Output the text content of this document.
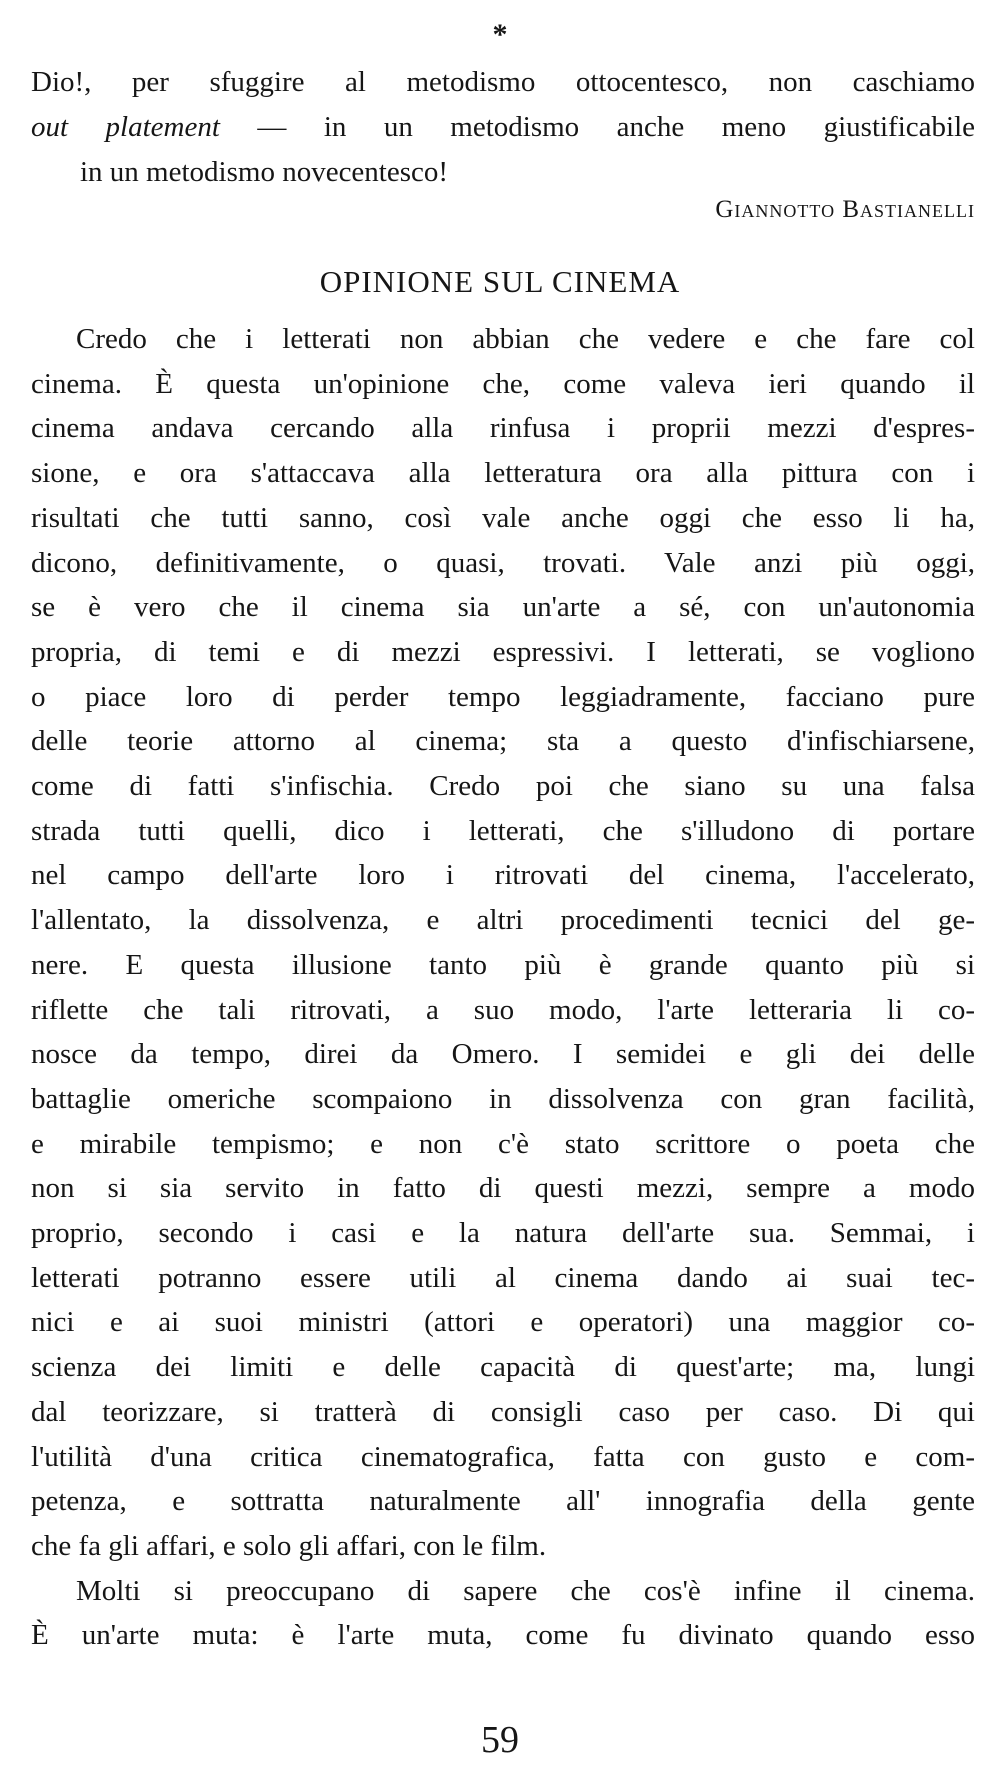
*
Dio!, per sfuggire al metodismo ottocentesco, non caschiamo
out platement — in un metodismo anche meno giustificabile
in un metodismo novecentesco!
Giannotto Bastianelli
OPINIONE SUL CINEMA
Credo che i letterati non abbian che vedere e che fare col
cinema. È questa un'opinione che, come valeva ieri quando il
cinema andava cercando alla rinfusa i proprii mezzi d'espres-
sione, e ora s'attaccava alla letteratura ora alla pittura con i
risultati che tutti sanno, così vale anche oggi che esso li ha,
dicono, definitivamente, o quasi, trovati. Vale anzi più oggi,
se è vero che il cinema sia un'arte a sé, con un'autonomia
propria, di temi e di mezzi espressivi. I letterati, se vogliono
o piace loro di perder tempo leggiadramente, facciano pure
delle teorie attorno al cinema; sta a questo d'infischiarsene,
come di fatti s'infischia. Credo poi che siano su una falsa
strada tutti quelli, dico i letterati, che s'illudono di portare
nel campo dell'arte loro i ritrovati del cinema, l'accelerato,
l'allentato, la dissolvenza, e altri procedimenti tecnici del ge-
nere. E questa illusione tanto più è grande quanto più si
riflette che tali ritrovati, a suo modo, l'arte letteraria li co-
nosce da tempo, direi da Omero. I semidei e gli dei delle
battaglie omeriche scompaiono in dissolvenza con gran facilità,
e mirabile tempismo; e non c'è stato scrittore o poeta che
non si sia servito in fatto di questi mezzi, sempre a modo
proprio, secondo i casi e la natura dell'arte sua. Semmai, i
letterati potranno essere utili al cinema dando ai suai tec-
nici e ai suoi ministri (attori e operatori) una maggior co-
scienza dei limiti e delle capacità di quest'arte; ma, lungi
dal teorizzare, si tratterà di consigli caso per caso. Di qui
l'utilità d'una critica cinematografica, fatta con gusto e com-
petenza, e sottratta naturalmente all' innografia della gente
che fa gli affari, e solo gli affari, con le film.
Molti si preoccupano di sapere che cos'è infine il cinema.
È un'arte muta: è l'arte muta, come fu divinato quando esso
59
